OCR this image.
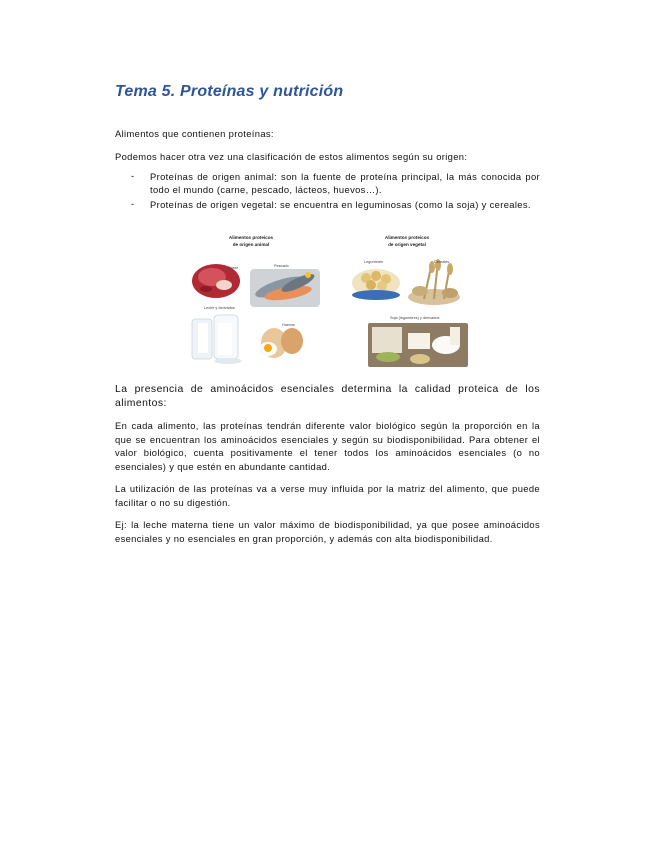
Tema 5. Proteínas y nutrición
Alimentos que contienen proteínas:
Podemos hacer otra vez una clasificación de estos alimentos según su origen:
-	Proteínas de origen animal: son la fuente de proteína principal, la más conocida por todo el mundo (carne, pescado, lácteos, huevos…).
-	Proteínas de origen vegetal: se encuentra en leguminosas (como la soja) y cereales.
Alimentos proteicos
de origen animal
Alimentos proteicos
de origen vegetal
Carne	Pescado
Leche y derivados
Huevos
Legumbres	Cereales
Soja (legumbres) y derivados
La presencia de aminoácidos esenciales determina la calidad proteica de los alimentos:
En cada alimento, las proteínas tendrán diferente valor biológico según la proporción en la que se encuentran los aminoácidos esenciales y según su biodisponibilidad. Para obtener el valor biológico, cuenta positivamente el tener todos los aminoácidos esenciales (o no esenciales) y que estén en abundante cantidad.
La utilización de las proteínas va a verse muy influida por la matriz del alimento, que puede facilitar o no su digestión.
Ej: la leche materna tiene un valor máximo de biodisponibilidad, ya que posee aminoácidos esenciales y no esenciales en gran proporción, y además con alta biodisponibilidad.
